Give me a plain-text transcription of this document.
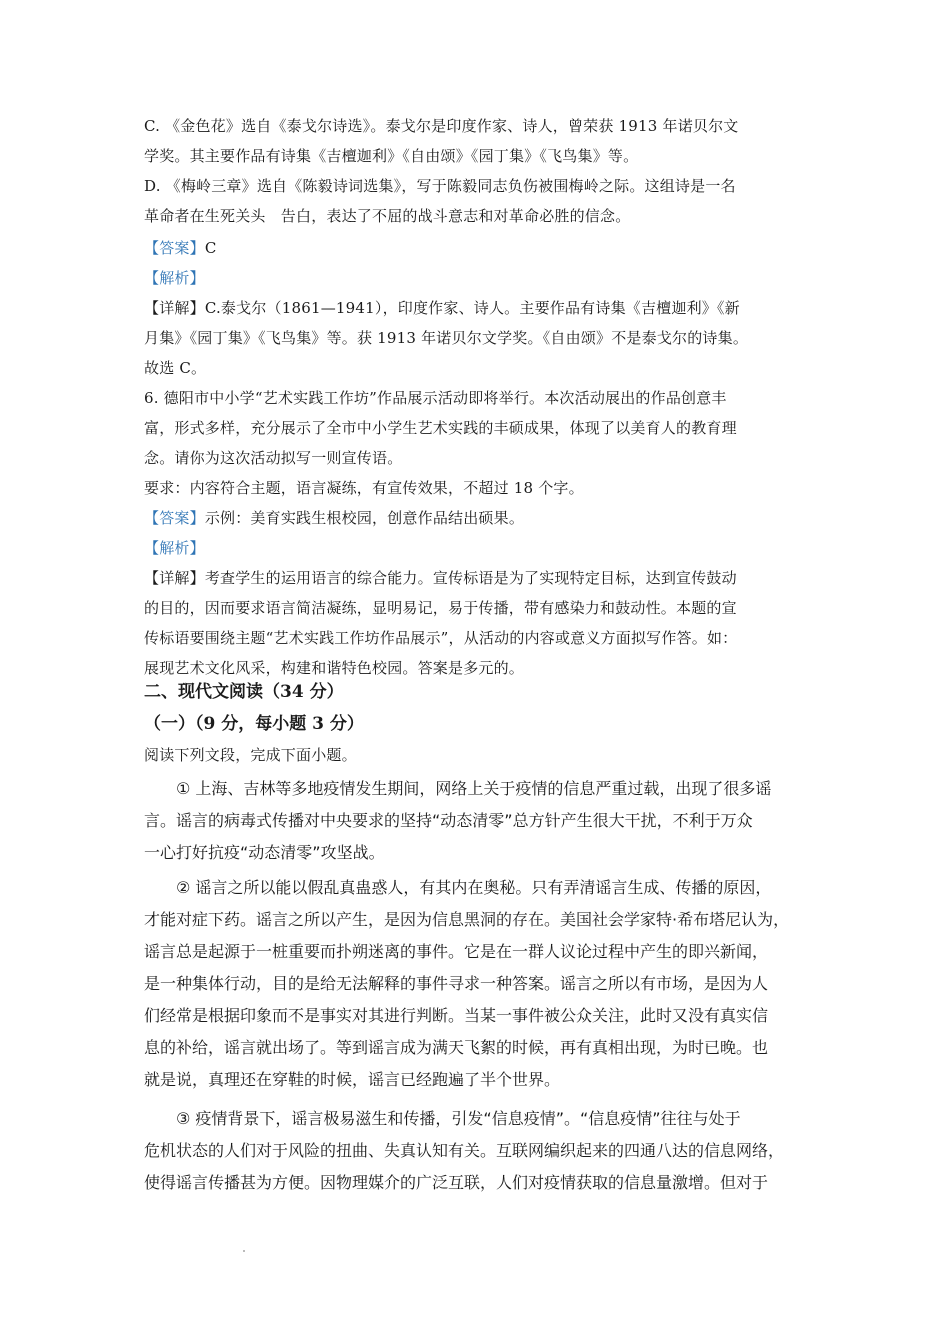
C. 《金色花》选自《泰戈尔诗选》。泰戈尔是印度作家、诗人，曾荣获 1913 年诺贝尔文
学奖。其主要作品有诗集《吉檀迦利》《自由颂》《园丁集》《飞鸟集》等。
D. 《梅岭三章》选自《陈毅诗词选集》，写于陈毅同志负伤被围梅岭之际。这组诗是一名
革命者在生死关头　告白，表达了不屈的战斗意志和对革命必胜的信念。
【答案】C
【解析】
【详解】C.泰戈尔（1861—1941），印度作家、诗人。主要作品有诗集《吉檀迦利》《新
月集》《园丁集》《飞鸟集》等。获 1913 年诺贝尔文学奖。《自由颂》不是泰戈尔的诗集。
故选 C。
6. 德阳市中小学“艺术实践工作坊”作品展示活动即将举行。本次活动展出的作品创意丰
富，形式多样，充分展示了全市中小学生艺术实践的丰硕成果，体现了以美育人的教育理
念。请你为这次活动拟写一则宣传语。
要求：内容符合主题，语言凝练，有宣传效果，不超过 18 个字。
【答案】示例：美育实践生根校园，创意作品结出硕果。
【解析】
【详解】考查学生的运用语言的综合能力。宣传标语是为了实现特定目标，达到宣传鼓动
的目的，因而要求语言简洁凝练，显明易记，易于传播，带有感染力和鼓动性。本题的宣
传标语要围绕主题“艺术实践工作坊作品展示”，从活动的内容或意义方面拟写作答。如：
展现艺术文化风采，构建和谐特色校园。答案是多元的。
二、现代文阅读（34 分）
（一）（9 分，每小题 3 分）
阅读下列文段，完成下面小题。
① 上海、吉林等多地疫情发生期间，网络上关于疫情的信息严重过载，出现了很多谣
言。谣言的病毒式传播对中央要求的坚持“动态清零”总方针产生很大干扰，不利于万众
一心打好抗疫“动态清零”攻坚战。
② 谣言之所以能以假乱真蛊惑人，有其内在奥秘。只有弄清谣言生成、传播的原因，
才能对症下药。谣言之所以产生，是因为信息黑洞的存在。美国社会学家特·希布塔尼认为，
谣言总是起源于一桩重要而扑朔迷离的事件。它是在一群人议论过程中产生的即兴新闻，
是一种集体行动，目的是给无法解释的事件寻求一种答案。谣言之所以有市场，是因为人
们经常是根据印象而不是事实对其进行判断。当某一事件被公众关注，此时又没有真实信
息的补给，谣言就出场了。等到谣言成为满天飞絮的时候，再有真相出现，为时已晚。也
就是说，真理还在穿鞋的时候，谣言已经跑遍了半个世界。
③ 疫情背景下，谣言极易滋生和传播，引发“信息疫情”。“信息疫情”往往与处于
危机状态的人们对于风险的扭曲、失真认知有关。互联网编织起来的四通八达的信息网络，
使得谣言传播甚为方便。因物理媒介的广泛互联，人们对疫情获取的信息量激增。但对于
